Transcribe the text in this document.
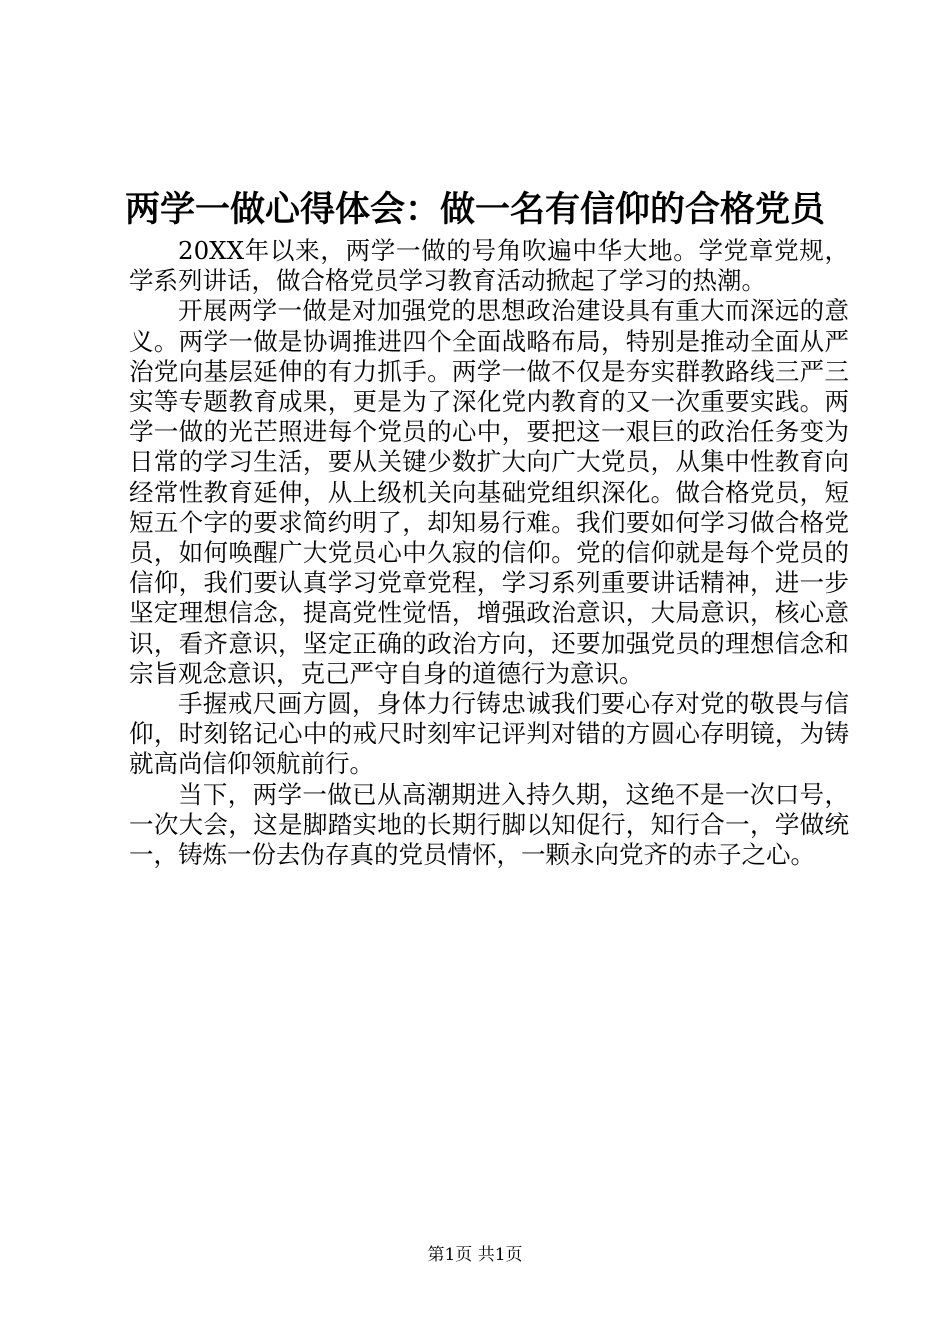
两学一做心得体会：做一名有信仰的合格党员

20XX年以来，两学一做的号角吹遍中华大地。学党章党规，学系列讲话，做合格党员学习教育活动掀起了学习的热潮。

开展两学一做是对加强党的思想政治建设具有重大而深远的意义。两学一做是协调推进四个全面战略布局，特别是推动全面从严治党向基层延伸的有力抓手。两学一做不仅是夯实群教路线三严三实等专题教育成果，更是为了深化党内教育的又一次重要实践。两学一做的光芒照进每个党员的心中，要把这一艰巨的政治任务变为日常的学习生活，要从关键少数扩大向广大党员，从集中性教育向经常性教育延伸，从上级机关向基础党组织深化。做合格党员，短短五个字的要求简约明了，却知易行难。我们要如何学习做合格党员，如何唤醒广大党员心中久寂的信仰。党的信仰就是每个党员的信仰，我们要认真学习党章党程，学习系列重要讲话精神，进一步坚定理想信念，提高党性觉悟，增强政治意识，大局意识，核心意识，看齐意识，坚定正确的政治方向，还要加强党员的理想信念和宗旨观念意识，克己严守自身的道德行为意识。

手握戒尺画方圆，身体力行铸忠诚我们要心存对党的敬畏与信仰，时刻铭记心中的戒尺时刻牢记评判对错的方圆心存明镜，为铸就高尚信仰领航前行。

当下，两学一做已从高潮期进入持久期，这绝不是一次口号，一次大会，这是脚踏实地的长期行脚以知促行，知行合一，学做统一，铸炼一份去伪存真的党员情怀，一颗永向党齐的赤子之心。

第1页 共1页
